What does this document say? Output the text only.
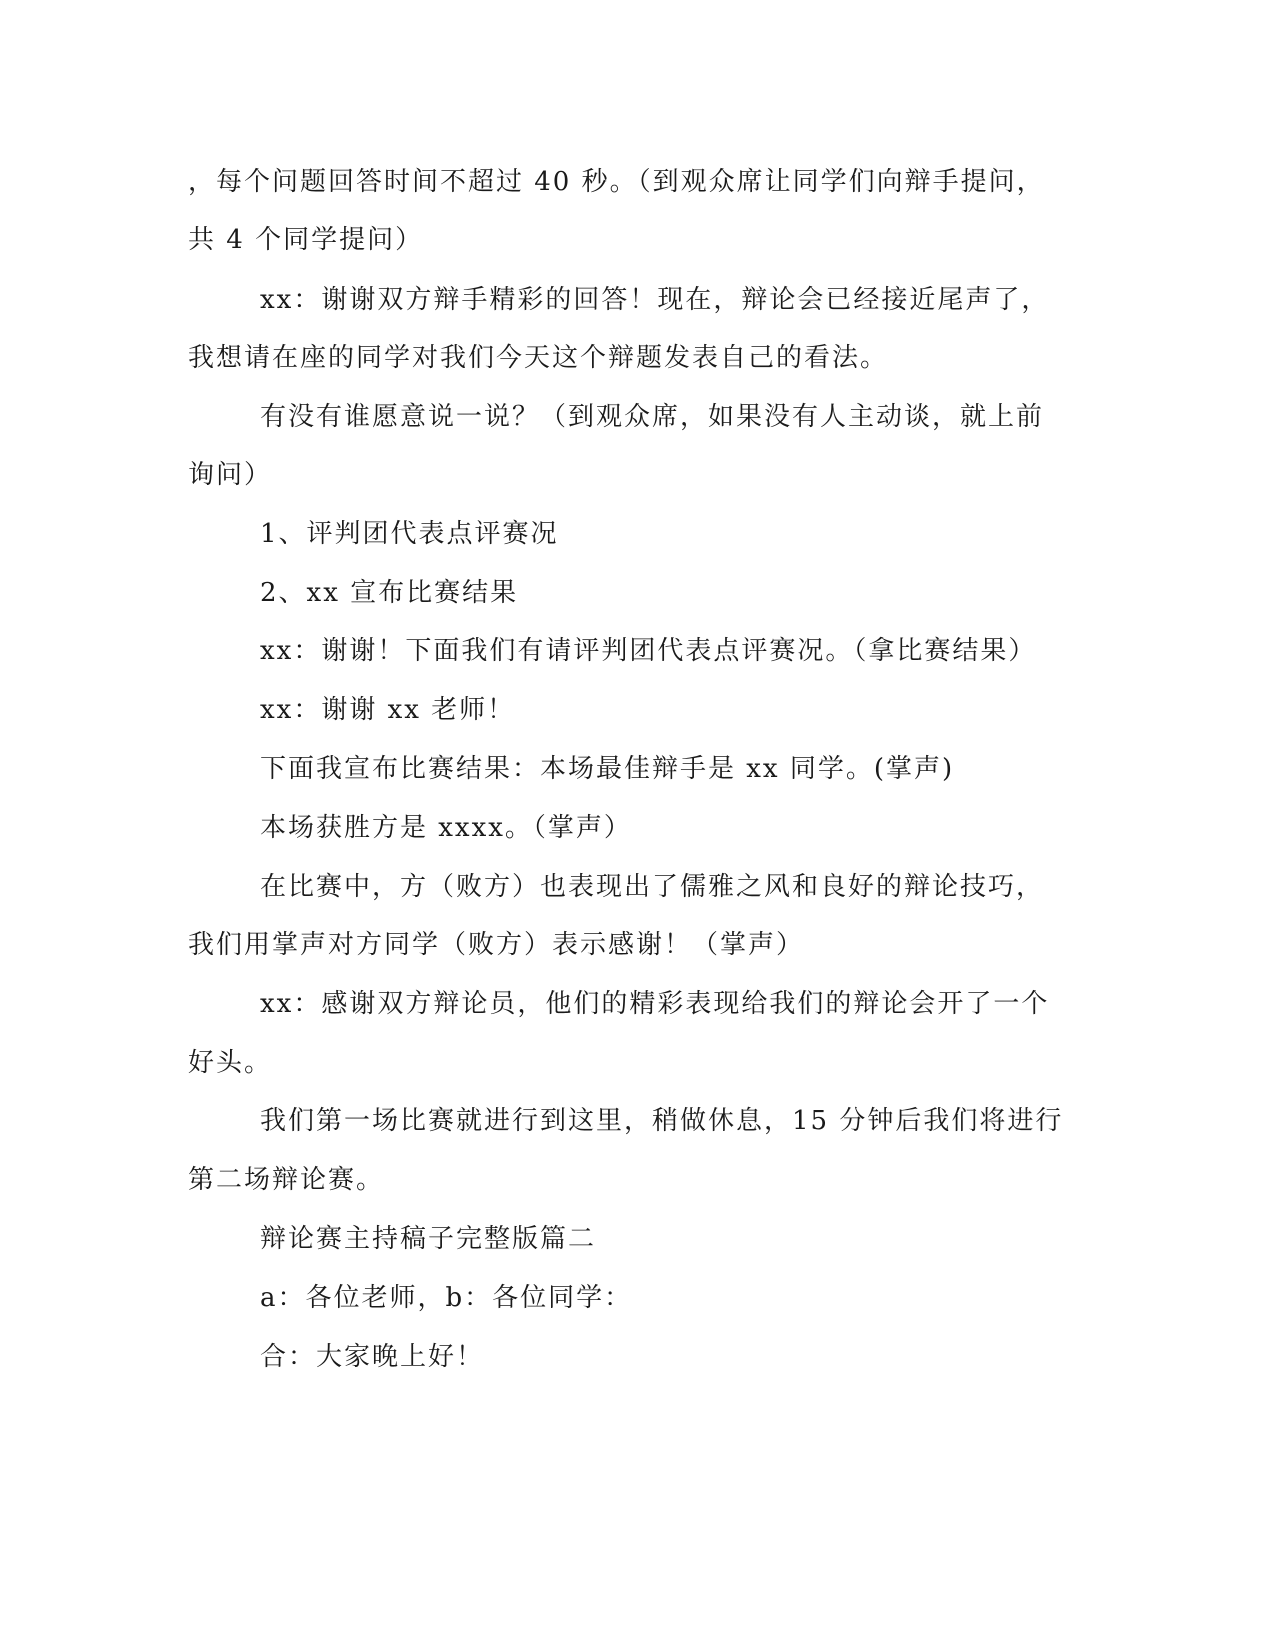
，每个问题回答时间不超过 40 秒。（到观众席让同学们向辩手提问，
共 4 个同学提问）
xx：谢谢双方辩手精彩的回答！现在，辩论会已经接近尾声了，
我想请在座的同学对我们今天这个辩题发表自己的看法。
有没有谁愿意说一说？（到观众席，如果没有人主动谈，就上前
询问）
1、评判团代表点评赛况
2、xx 宣布比赛结果
xx：谢谢！下面我们有请评判团代表点评赛况。（拿比赛结果）
xx：谢谢 xx 老师！
下面我宣布比赛结果：本场最佳辩手是 xx 同学。(掌声)
本场获胜方是 xxxx。（掌声）
在比赛中，方（败方）也表现出了儒雅之风和良好的辩论技巧，
我们用掌声对方同学（败方）表示感谢！（掌声）
xx：感谢双方辩论员，他们的精彩表现给我们的辩论会开了一个
好头。
我们第一场比赛就进行到这里，稍做休息，15 分钟后我们将进行
第二场辩论赛。
辩论赛主持稿子完整版篇二
a：各位老师，b：各位同学：
合：大家晚上好！
